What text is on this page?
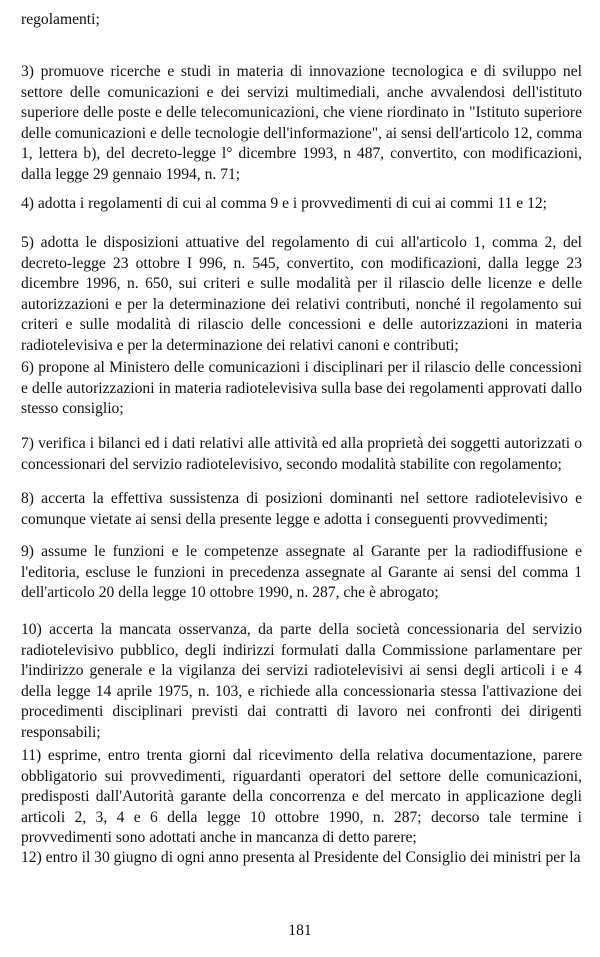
regolamenti;
3) promuove ricerche e studi in materia di innovazione tecnologica e di sviluppo nel
settore delle comunicazioni e dei servizi multimediali, anche avvalendosi dell'istituto
superiore delle poste e delle telecomunicazioni, che viene riordinato in "Istituto superiore
delle comunicazioni e delle tecnologie dell'informazione", ai sensi dell'articolo 12, comma
1, lettera b), del decreto-legge l° dicembre 1993, n 487, convertito, con modificazioni,
dalla legge 29 gennaio 1994, n. 71;
4) adotta i regolamenti di cui al comma 9 e i provvedimenti di cui ai commi 11 e 12;
5) adotta le disposizioni attuative del regolamento di cui all'articolo 1, comma 2, del
decreto-legge 23 ottobre I 996, n. 545, convertito, con modificazioni, dalla legge 23
dicembre 1996, n. 650, sui criteri e sulle modalità per il rilascio delle licenze e delle
autorizzazioni e per la determinazione dei relativi contributi, nonché il regolamento sui
criteri e sulle modalità di rilascio delle concessioni e delle autorizzazioni in materia
radiotelevisiva e per la determinazione dei relativi canoni e contributi;
6) propone al Ministero delle comunicazioni i disciplinari per il rilascio delle concessioni
e delle autorizzazioni in materia radiotelevisiva sulla base dei regolamenti approvati dallo
stesso consiglio;
7) verifica i bilanci ed i dati relativi alle attività ed alla proprietà dei soggetti autorizzati o
concessionari del servizio radiotelevisivo, secondo modalità stabilite con regolamento;
8) accerta la effettiva sussistenza di posizioni dominanti nel settore radiotelevisivo e
comunque vietate ai sensi della presente legge e adotta i conseguenti provvedimenti;
9) assume le funzioni e le competenze assegnate al Garante per la radiodiffusione e
l'editoria, escluse le funzioni in precedenza assegnate al Garante ai sensi del comma 1
dell'articolo 20 della legge 10 ottobre 1990, n. 287, che è abrogato;
10) accerta la mancata osservanza, da parte della società concessionaria del servizio
radiotelevisivo pubblico, degli indirizzi formulati dalla Commissione parlamentare per
l'indirizzo generale e la vigilanza dei servizi radiotelevisivi ai sensi degli articoli i e 4
della legge 14 aprile 1975, n. 103, e richiede alla concessionaria stessa l'attivazione dei
procedimenti disciplinari previsti dai contratti di lavoro nei confronti dei dirigenti
responsabili;
11) esprime, entro trenta giorni dal ricevimento della relativa documentazione, parere
obbligatorio sui provvedimenti, riguardanti operatori del settore delle comunicazioni,
predisposti dall'Autorità garante della concorrenza e del mercato in applicazione degli
articoli 2, 3, 4 e 6 della legge 10 ottobre 1990, n. 287; decorso tale termine i
provvedimenti sono adottati anche in mancanza di detto parere;
12) entro il 30 giugno di ogni anno presenta al Presidente del Consiglio dei ministri per la
181
